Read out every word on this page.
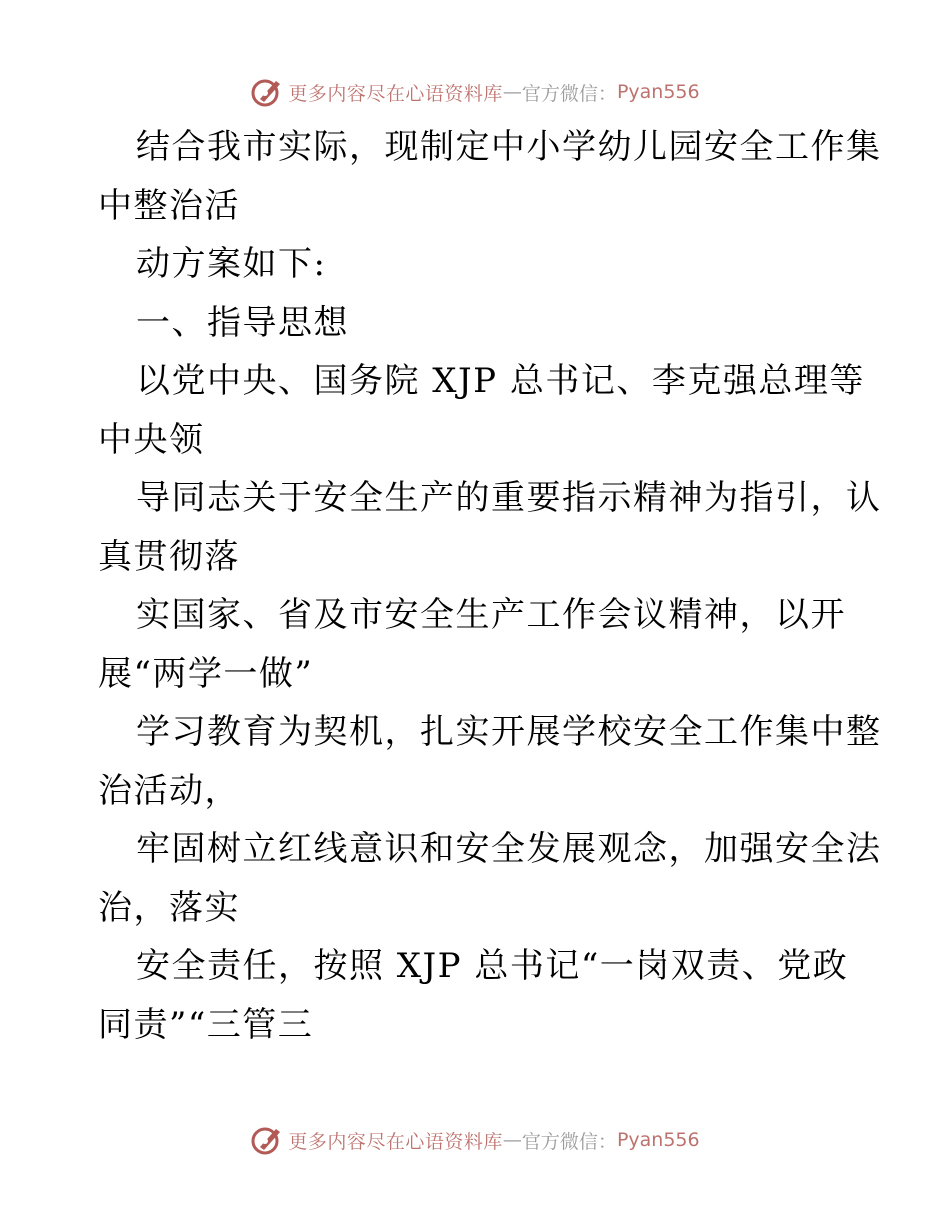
更多内容尽在心语资料库 — 官方微信： Pyan556

结合我市实际，现制定中小学幼儿园安全工作集
中整治活

动方案如下:

一、指导思想

以党中央、国务院 XJP 总书记、李克强总理等
中央领

导同志关于安全生产的重要指示精神为指引，认
真贯彻落

实国家、省及市安全生产工作会议精神，以开
展“两学一做”

学习教育为契机，扎实开展学校安全工作集中整
治活动，

牢固树立红线意识和安全发展观念，加强安全法
治，落实

安全责任，按照 XJP 总书记“一岗双责、党政
同责”“三管三

更多内容尽在心语资料库 — 官方微信： Pyan556
